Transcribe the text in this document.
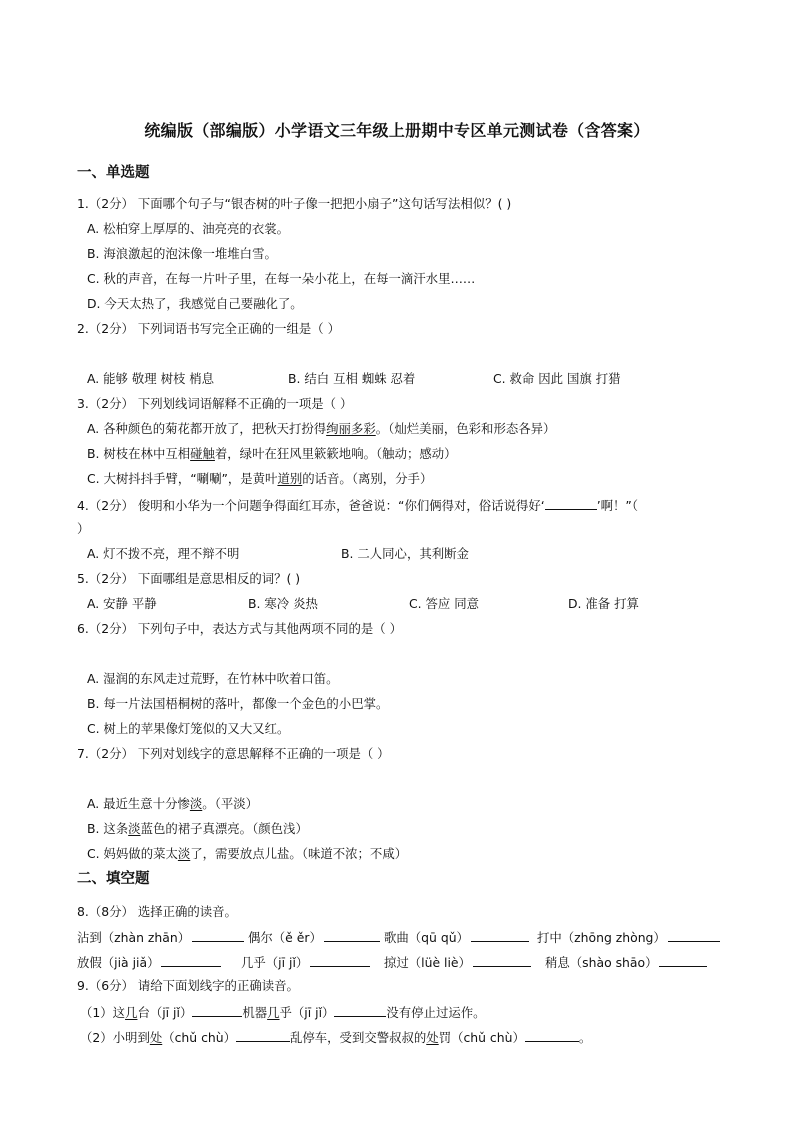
统编版（部编版）小学语文三年级上册期中专区单元测试卷（含答案）
一、单选题
1.（2分） 下面哪个句子与“银杏树的叶子像一把把小扇子”这句话写法相似？( )
A. 松柏穿上厚厚的、油亮亮的衣裳。
B. 海浪激起的泡沫像一堆堆白雪。
C. 秋的声音，在每一片叶子里，在每一朵小花上，在每一滴汗水里……
D. 今天太热了，我感觉自己要融化了。
2.（2分） 下列词语书写完全正确的一组是（ ）
A. 能够 敬理 树枝 梢息	B. 结白 互相 蜘蛛 忍着	C. 救命 因此 国旗 打猎
3.（2分） 下列划线词语解释不正确的一项是（ ）
A. 各种颜色的菊花都开放了，把秋天打扮得绚丽多彩。（灿烂美丽，色彩和形态各异）
B. 树枝在林中互相碰触着，绿叶在狂风里簌簌地响。（触动；感动）
C. 大树抖抖手臂，“唰唰”，是黄叶道别的话音。（离别，分手）
4.（2分） 俊明和小华为一个问题争得面红耳赤，爸爸说：“你们俩得对，俗话说得好‘	’啊！”（
）
A. 灯不拨不亮，理不辩不明	B. 二人同心，其利断金
5.（2分） 下面哪组是意思相反的词？( )
A. 安静 平静	B. 寒冷 炎热	C. 答应 同意	D. 准备 打算
6.（2分） 下列句子中，表达方式与其他两项不同的是（ ）
A. 湿润的东风走过荒野，在竹林中吹着口笛。
B. 每一片法国梧桐树的落叶，都像一个金色的小巴掌。
C. 树上的苹果像灯笼似的又大又红。
7.（2分） 下列对划线字的意思解释不正确的一项是（ ）
A. 最近生意十分惨淡。（平淡）
B. 这条淡蓝色的裙子真漂亮。（颜色浅）
C. 妈妈做的菜太淡了，需要放点儿盐。（味道不浓；不咸）
二、填空题
8.（8分） 选择正确的读音。
沾到（zhàn zhān）	偶尔（ě ěr）	歌曲（qū qǔ）	打中（zhōng zhòng）
放假（jià jiǎ）	几乎（jī jǐ）	掠过（lüè liè）	稍息（shào shāo）
9.（6分） 请给下面划线字的正确读音。
（1）这几台（jī jǐ）	机器几乎（jī jǐ）	没有停止过运作。
（2）小明到处（chǔ chù）	乱停车，受到交警叔叔的处罚（chǔ chù）	。
